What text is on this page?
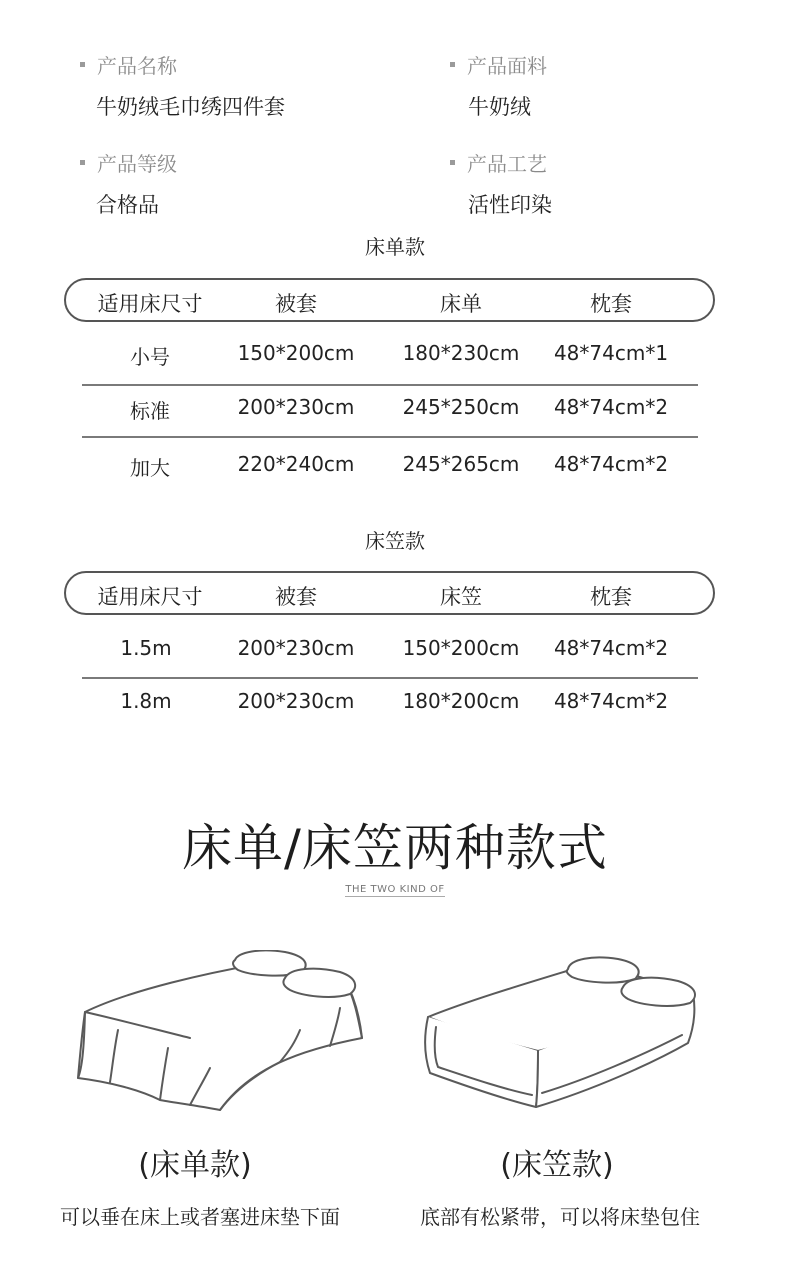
产品名称
牛奶绒毛巾绣四件套
产品面料
牛奶绒
产品等级
合格品
产品工艺
活性印染
床单款
适用床尺寸	被套	床单	枕套
小号	150*200cm	180*230cm	48*74cm*1
标准	200*230cm	245*250cm	48*74cm*2
加大	220*240cm	245*265cm	48*74cm*2
床笠款
适用床尺寸	被套	床笠	枕套
1.5m	200*230cm	150*200cm	48*74cm*2
1.8m	200*230cm	180*200cm	48*74cm*2
床单/床笠两种款式
THE TWO KIND OF
(床单款)	(床笠款)
可以垂在床上或者塞进床垫下面	底部有松紧带，可以将床垫包住
